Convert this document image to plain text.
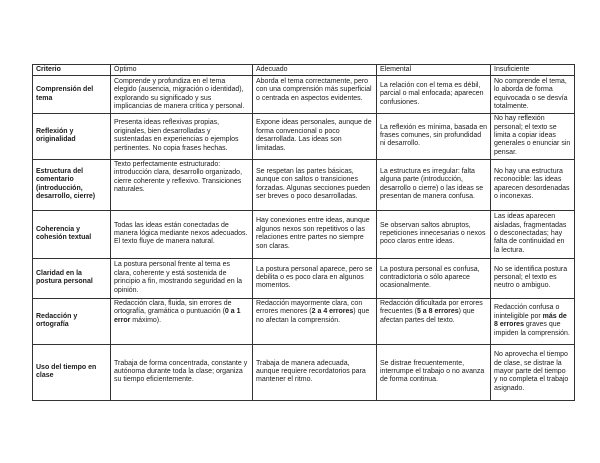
Criterio	Óptimo	Adecuado	Elemental	Insuficiente
Comprensión del tema	Comprende y profundiza en el tema elegido (ausencia, migración o identidad), explorando su significado y sus implicancias de manera crítica y personal.	Aborda el tema correctamente, pero con una comprensión más superficial o centrada en aspectos evidentes.	La relación con el tema es débil, parcial o mal enfocada; aparecen confusiones.	No comprende el tema, lo aborda de forma equivocada o se desvía totalmente.
Reflexión y originalidad	Presenta ideas reflexivas propias, originales, bien desarrolladas y sustentadas en experiencias o ejemplos pertinentes. No copia frases hechas.	Expone ideas personales, aunque de forma convencional o poco desarrollada. Las ideas son limitadas.	La reflexión es mínima, basada en frases comunes, sin profundidad ni desarrollo.	No hay reflexión personal; el texto se limita a copiar ideas generales o enunciar sin pensar.
Estructura del comentario (introducción, desarrollo, cierre)	Texto perfectamente estructurado: introducción clara, desarrollo organizado, cierre coherente y reflexivo. Transiciones naturales.	Se respetan las partes básicas, aunque con saltos o transiciones forzadas. Algunas secciones pueden ser breves o poco desarrolladas.	La estructura es irregular: falta alguna parte (introducción, desarrollo o cierre) o las ideas se presentan de manera confusa.	No hay una estructura reconocible: las ideas aparecen desordenadas o inconexas.
Coherencia y cohesión textual	Todas las ideas están conectadas de manera lógica mediante nexos adecuados. El texto fluye de manera natural.	Hay conexiones entre ideas, aunque algunos nexos son repetitivos o las relaciones entre partes no siempre son claras.	Se observan saltos abruptos, repeticiones innecesarias o nexos poco claros entre ideas.	Las ideas aparecen aisladas, fragmentadas o desconectadas; hay falta de continuidad en la lectura.
Claridad en la postura personal	La postura personal frente al tema es clara, coherente y está sostenida de principio a fin, mostrando seguridad en la opinión.	La postura personal aparece, pero se debilita o es poco clara en algunos momentos.	La postura personal es confusa, contradictoria o sólo aparece ocasionalmente.	No se identifica postura personal; el texto es neutro o ambiguo.
Redacción y ortografía	Redacción clara, fluida, sin errores de ortografía, gramática o puntuación (0 a 1 error máximo).	Redacción mayormente clara, con errores menores (2 a 4 errores) que no afectan la comprensión.	Redacción dificultada por errores frecuentes (5 a 8 errores) que afectan partes del texto.	Redacción confusa o ininteligible por más de 8 errores graves que impiden la comprensión.
Uso del tiempo en clase	Trabaja de forma concentrada, constante y autónoma durante toda la clase; organiza su tiempo eficientemente.	Trabaja de manera adecuada, aunque requiere recordatorios para mantener el ritmo.	Se distrae frecuentemente, interrumpe el trabajo o no avanza de forma continua.	No aprovecha el tiempo de clase, se distrae la mayor parte del tiempo y no completa el trabajo asignado.
